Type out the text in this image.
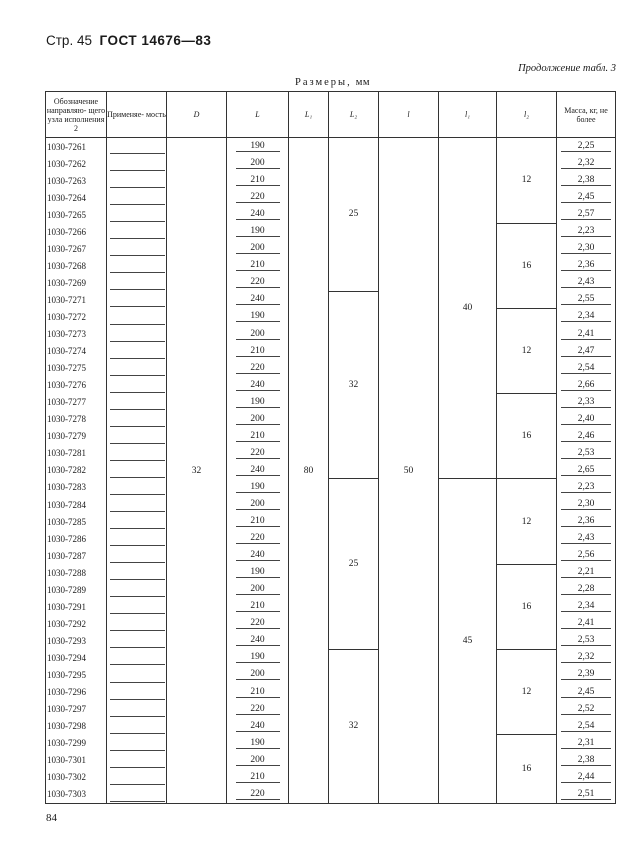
Стр. 45 ГОСТ 14676—83
Продолжение табл. 3
Размеры, мм
Обозначение направляю- щего узла исполнения 2	Применяе- мость	D	L	L₁	L₂	l	l₁	l₂	Масса, кг, не более
1030-7261		32	190	80	25	50	40	12	2,25
1030-7262			200						2,32
1030-7263			210						2,38
1030-7264			220						2,45
1030-7265			240						2,57
1030-7266			190					16	2,23
1030-7267			200						2,30
1030-7268			210						2,36
1030-7269			220						2,43
1030-7271			240		32				2,55
1030-7272			190					12	2,34
1030-7273			200						2,41
1030-7274			210						2,47
1030-7275			220						2,54
1030-7276			240						2,66
1030-7277			190					16	2,33
1030-7278			200						2,40
1030-7279			210						2,46
1030-7281			220						2,53
1030-7282			240						2,65
1030-7283			190		25		45	12	2,23
1030-7284			200						2,30
1030-7285			210						2,36
1030-7286			220						2,43
1030-7287			240						2,56
1030-7288			190					16	2,21
1030-7289			200						2,28
1030-7291			210						2,34
1030-7292			220						2,41
1030-7293			240						2,53
1030-7294			190		32			12	2,32
1030-7295			200						2,39
1030-7296			210						2,45
1030-7297			220						2,52
1030-7298			240						2,54
1030-7299			190					16	2,31
1030-7301			200						2,38
1030-7302			210						2,44
1030-7303			220						2,51
84
